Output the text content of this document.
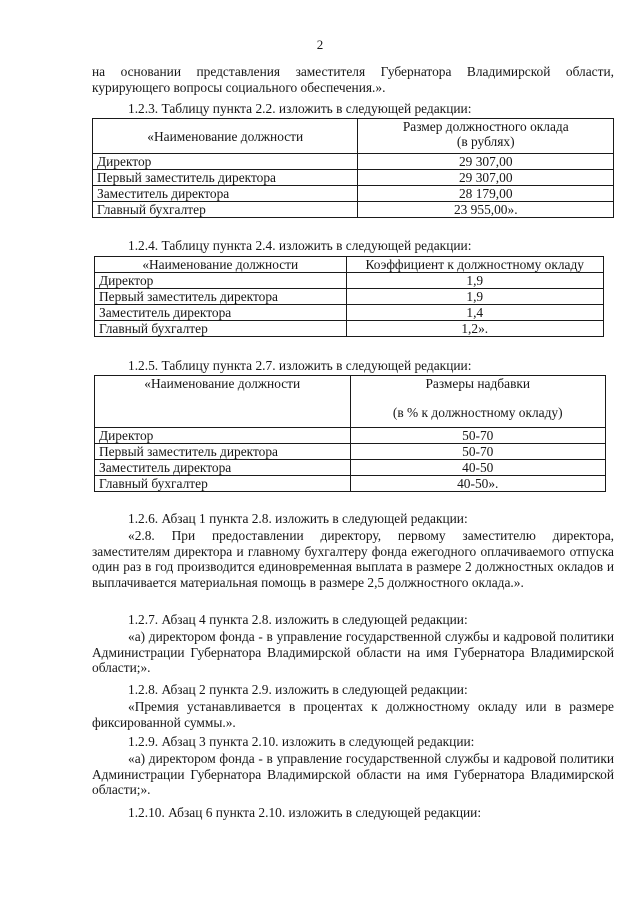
2
на основании представления заместителя Губернатора Владимирской области, курирующего вопросы социального обеспечения.».
1.2.3. Таблицу пункта 2.2. изложить в следующей редакции:
«Наименование должности	Размер должностного оклада
(в рублях)

Директор	29 307,00
Первый заместитель директора	29 307,00
Заместитель директора	28 179,00
Главный бухгалтер	23 955,00».
1.2.4. Таблицу пункта 2.4. изложить в следующей редакции:
«Наименование должности	Коэффициент к должностному окладу
Директор	1,9
Первый заместитель директора	1,9
Заместитель директора	1,4
Главный бухгалтер	1,2».
1.2.5. Таблицу пункта 2.7. изложить в следующей редакции:
«Наименование должности	Размеры надбавки
(в % к должностному окладу)

Директор	50-70
Первый заместитель директора	50-70
Заместитель директора	40-50
Главный бухгалтер	40-50».
1.2.6. Абзац 1 пункта 2.8. изложить в следующей редакции:
«2.8. При предоставлении директору, первому заместителю директора, заместителям директора и главному бухгалтеру фонда ежегодного оплачиваемого отпуска один раз в год производится единовременная выплата в размере 2 должностных окладов и выплачивается материальная помощь в размере 2,5 должностного оклада.».
1.2.7. Абзац 4 пункта 2.8. изложить в следующей редакции:
«а) директором фонда - в управление государственной службы и кадровой политики Администрации Губернатора Владимирской области на имя Губернатора Владимирской области;».
1.2.8. Абзац 2 пункта 2.9. изложить в следующей редакции:
«Премия устанавливается в процентах к должностному окладу или в размере фиксированной суммы.».
1.2.9. Абзац 3 пункта 2.10. изложить в следующей редакции:
«а) директором фонда - в управление государственной службы и кадровой политики Администрации Губернатора Владимирской области на имя Губернатора Владимирской области;».
1.2.10. Абзац 6 пункта 2.10. изложить в следующей редакции:
